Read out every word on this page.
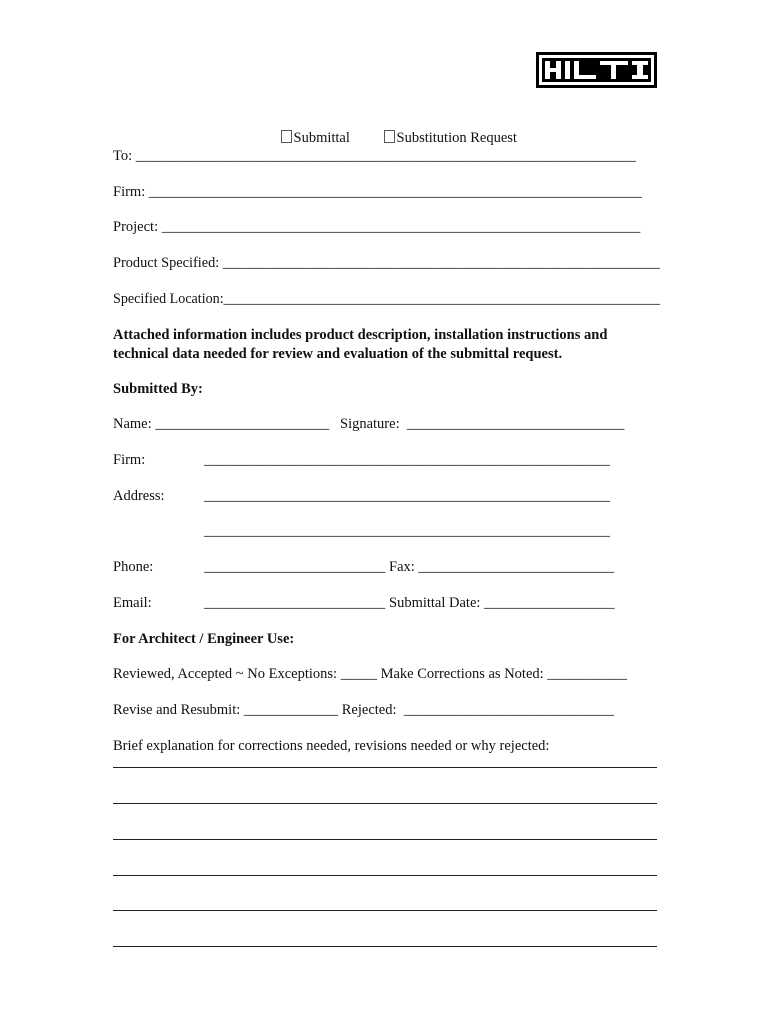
Submittal
	Substitution Request

To: _____________________________________________________________________
Firm: ____________________________________________________________________
Project: __________________________________________________________________
Product Specified: _____________________________________________________________
Specified Location:______________________________________________________________
Attached information includes product description, installation instructions and
technical data needed for review and evaluation of the submittal request.
Submitted By:
Name: ________________________ Signature:  ______________________________
Firm:	________________________________________________________
Address:	________________________________________________________
________________________________________________________
Phone:	_________________________ Fax: ___________________________
Email:	_________________________ Submittal Date: __________________
For Architect / Engineer Use:
Reviewed, Accepted ~ No Exceptions: _____ Make Corrections as Noted: ___________
Revise and Resubmit: _____________ Rejected:  _____________________________
Brief explanation for corrections needed, revisions needed or why rejected:
